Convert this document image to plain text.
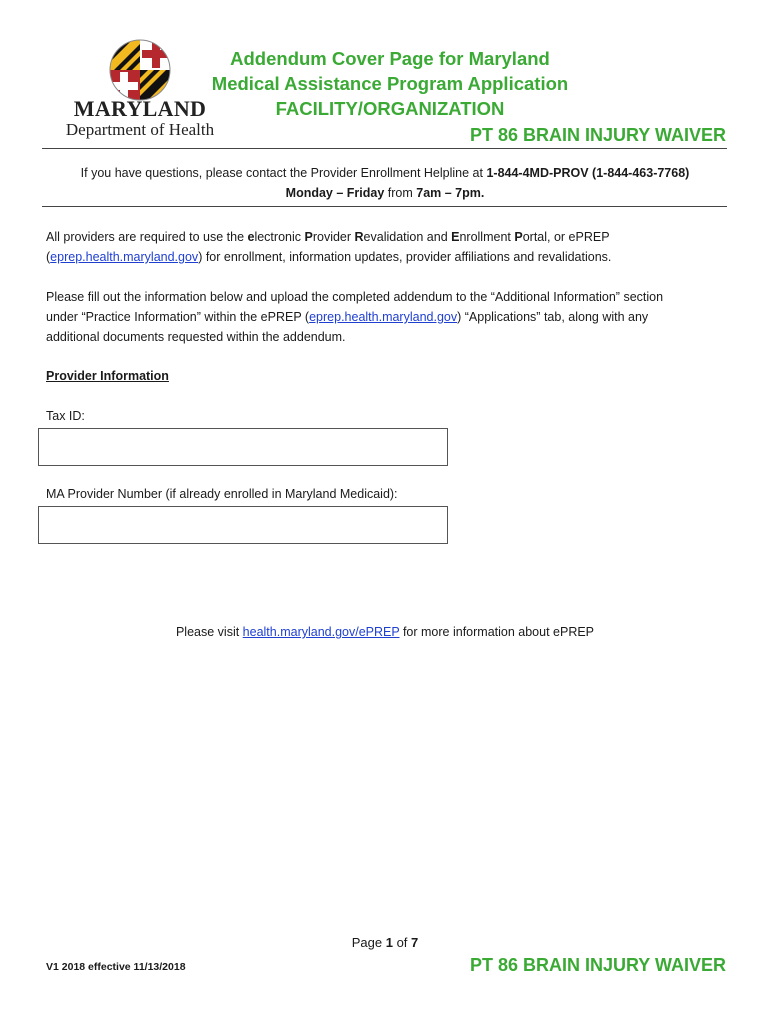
MARYLAND
Department of Health
Addendum Cover Page for Maryland
Medical Assistance Program Application
FACILITY/ORGANIZATION
PT 86 BRAIN INJURY WAIVER
If you have questions, please contact the Provider Enrollment Helpline at 1-844-4MD-PROV (1-844-463-7768)
Monday – Friday from 7am – 7pm.
All providers are required to use the electronic Provider Revalidation and Enrollment Portal, or ePREP
(eprep.health.maryland.gov) for enrollment, information updates, provider affiliations and revalidations.
Please fill out the information below and upload the completed addendum to the “Additional Information” section
under “Practice Information” within the ePREP (eprep.health.maryland.gov) “Applications” tab, along with any
additional documents requested within the addendum.
Provider Information
Tax ID:
MA Provider Number (if already enrolled in Maryland Medicaid):
Please visit health.maryland.gov/ePREP for more information about ePREP
Page 1 of 7
V1 2018 effective 11/13/2018	PT 86 BRAIN INJURY WAIVER
